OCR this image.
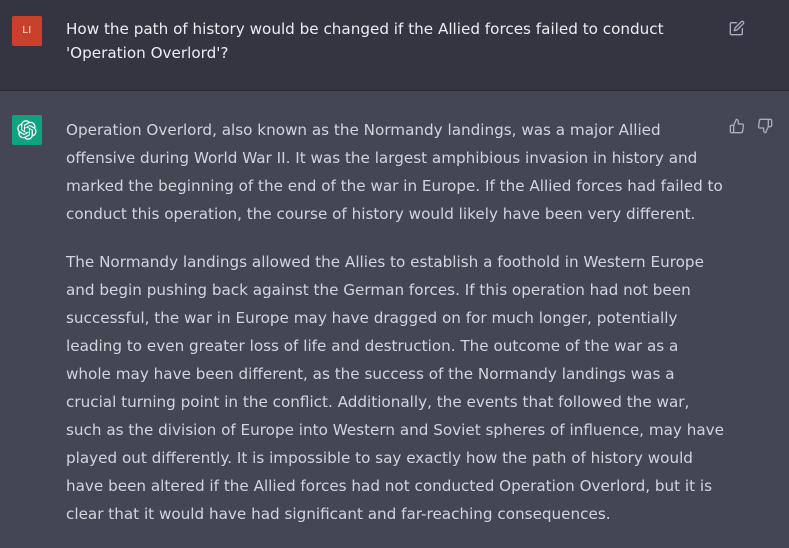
LI	How the path of history would be changed if the Allied forces failed to conduct 'Operation Overlord'?

Operation Overlord, also known as the Normandy landings, was a major Allied offensive during World War II. It was the largest amphibious invasion in history and marked the beginning of the end of the war in Europe. If the Allied forces had failed to conduct this operation, the course of history would likely have been very different.

The Normandy landings allowed the Allies to establish a foothold in Western Europe and begin pushing back against the German forces. If this operation had not been successful, the war in Europe may have dragged on for much longer, potentially leading to even greater loss of life and destruction. The outcome of the war as a whole may have been different, as the success of the Normandy landings was a crucial turning point in the conflict. Additionally, the events that followed the war, such as the division of Europe into Western and Soviet spheres of influence, may have played out differently. It is impossible to say exactly how the path of history would have been altered if the Allied forces had not conducted Operation Overlord, but it is clear that it would have had significant and far-reaching consequences.
